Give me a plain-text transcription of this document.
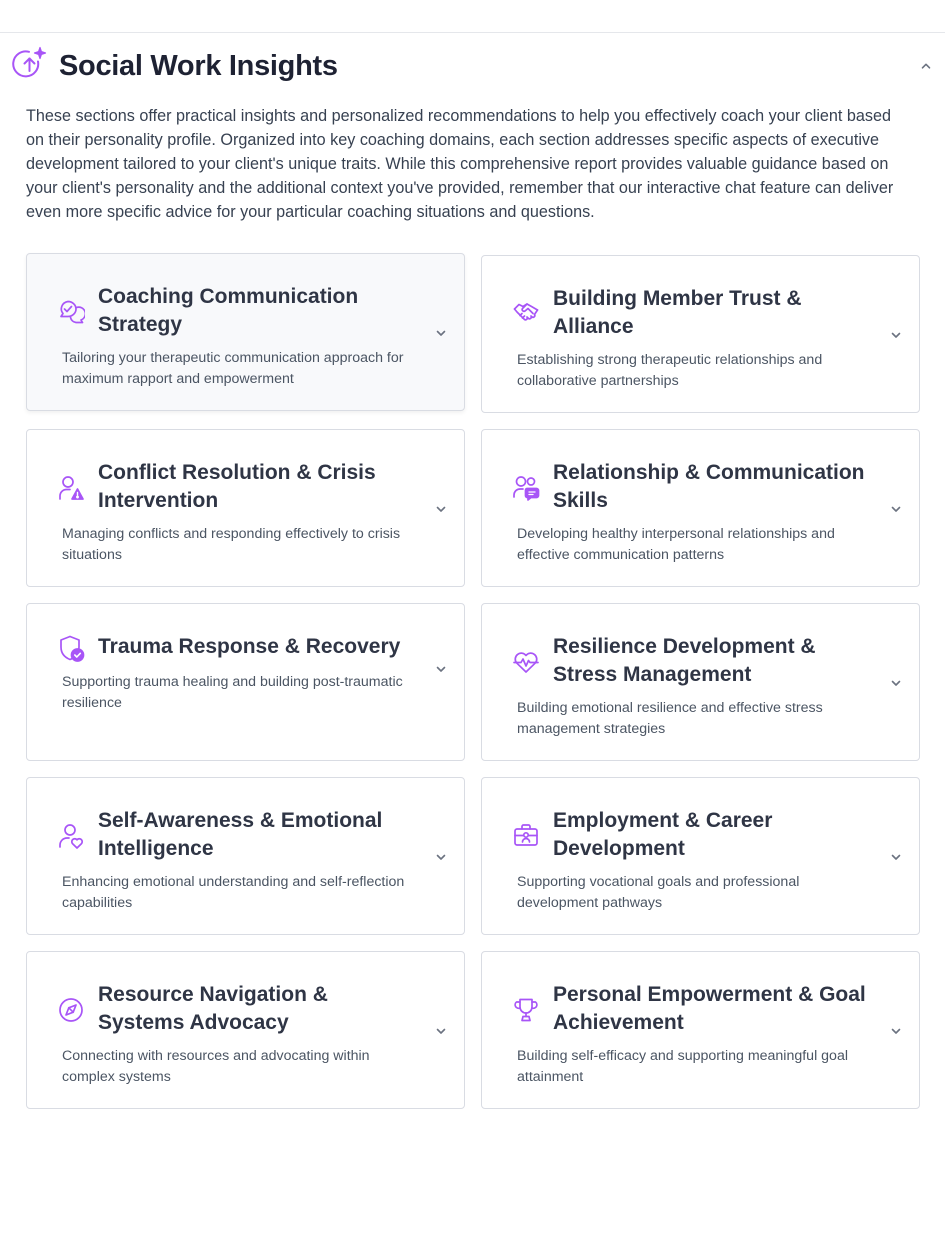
Social Work Insights

These sections offer practical insights and personalized recommendations to help you effectively coach your client based on their personality profile. Organized into key coaching domains, each section addresses specific aspects of executive development tailored to your client's unique traits. While this comprehensive report provides valuable guidance based on your client's personality and the additional context you've provided, remember that our interactive chat feature can deliver even more specific advice for your particular coaching situations and questions.

Coaching Communication Strategy
Tailoring your therapeutic communication approach for maximum rapport and empowerment
Building Member Trust & Alliance
Establishing strong therapeutic relationships and collaborative partnerships
Conflict Resolution & Crisis Intervention
Managing conflicts and responding effectively to crisis situations
Relationship & Communication Skills
Developing healthy interpersonal relationships and effective communication patterns
Trauma Response & Recovery
Supporting trauma healing and building post-traumatic resilience
Resilience Development & Stress Management
Building emotional resilience and effective stress management strategies
Self-Awareness & Emotional Intelligence
Enhancing emotional understanding and self-reflection capabilities
Employment & Career Development
Supporting vocational goals and professional development pathways
Resource Navigation & Systems Advocacy
Connecting with resources and advocating within complex systems
Personal Empowerment & Goal Achievement
Building self-efficacy and supporting meaningful goal attainment
